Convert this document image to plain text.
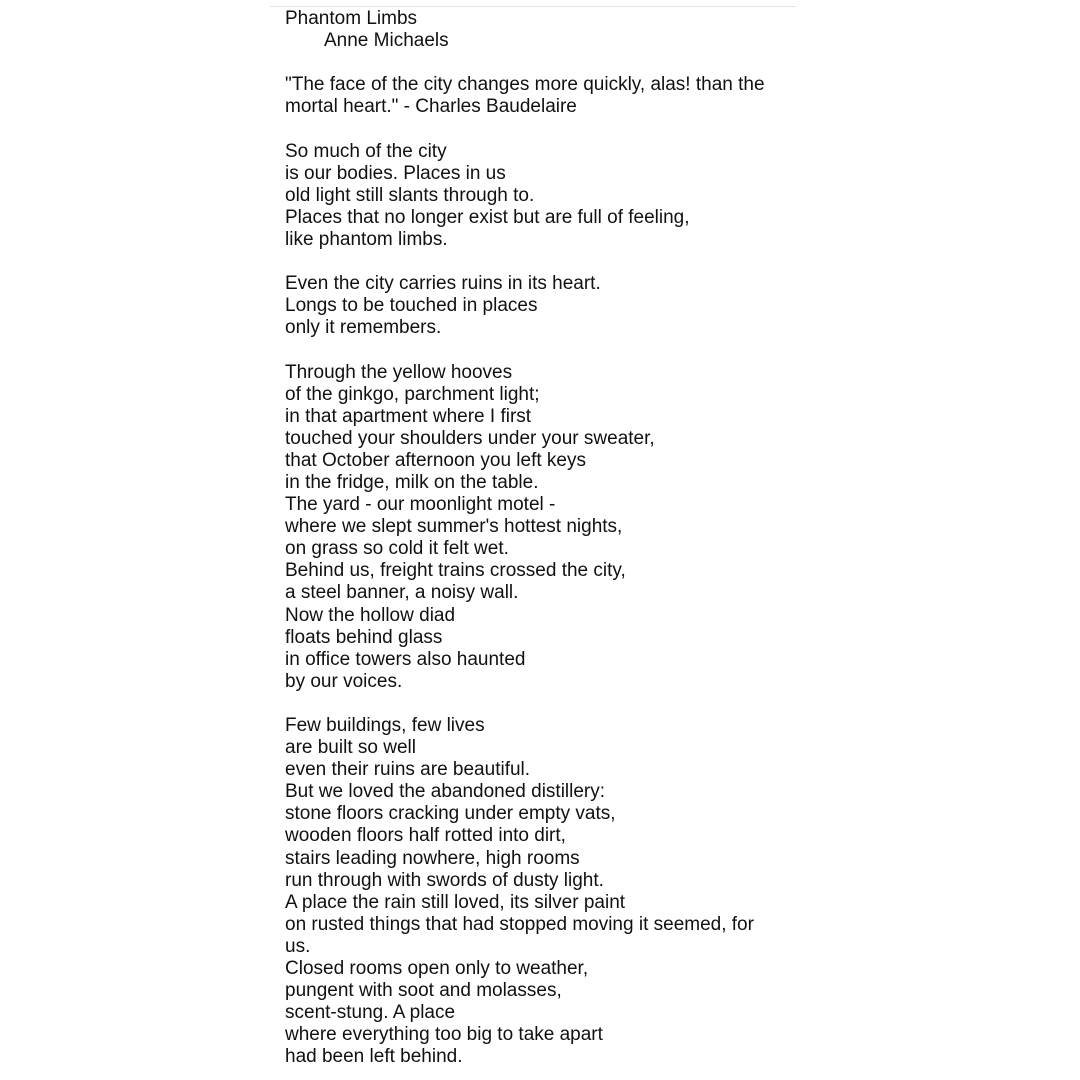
Phantom Limbs
Anne Michaels
"The face of the city changes more quickly, alas! than the
mortal heart." - Charles Baudelaire
So much of the city
is our bodies. Places in us
old light still slants through to.
Places that no longer exist but are full of feeling,
like phantom limbs.
Even the city carries ruins in its heart.
Longs to be touched in places
only it remembers.
Through the yellow hooves
of the ginkgo, parchment light;
in that apartment where I first
touched your shoulders under your sweater,
that October afternoon you left keys
in the fridge, milk on the table.
The yard - our moonlight motel -
where we slept summer's hottest nights,
on grass so cold it felt wet.
Behind us, freight trains crossed the city,
a steel banner, a noisy wall.
Now the hollow diad
floats behind glass
in office towers also haunted
by our voices.
Few buildings, few lives
are built so well
even their ruins are beautiful.
But we loved the abandoned distillery:
stone floors cracking under empty vats,
wooden floors half rotted into dirt,
stairs leading nowhere, high rooms
run through with swords of dusty light.
A place the rain still loved, its silver paint
on rusted things that had stopped moving it seemed, for
us.
Closed rooms open only to weather,
pungent with soot and molasses,
scent-stung. A place
where everything too big to take apart
had been left behind.
